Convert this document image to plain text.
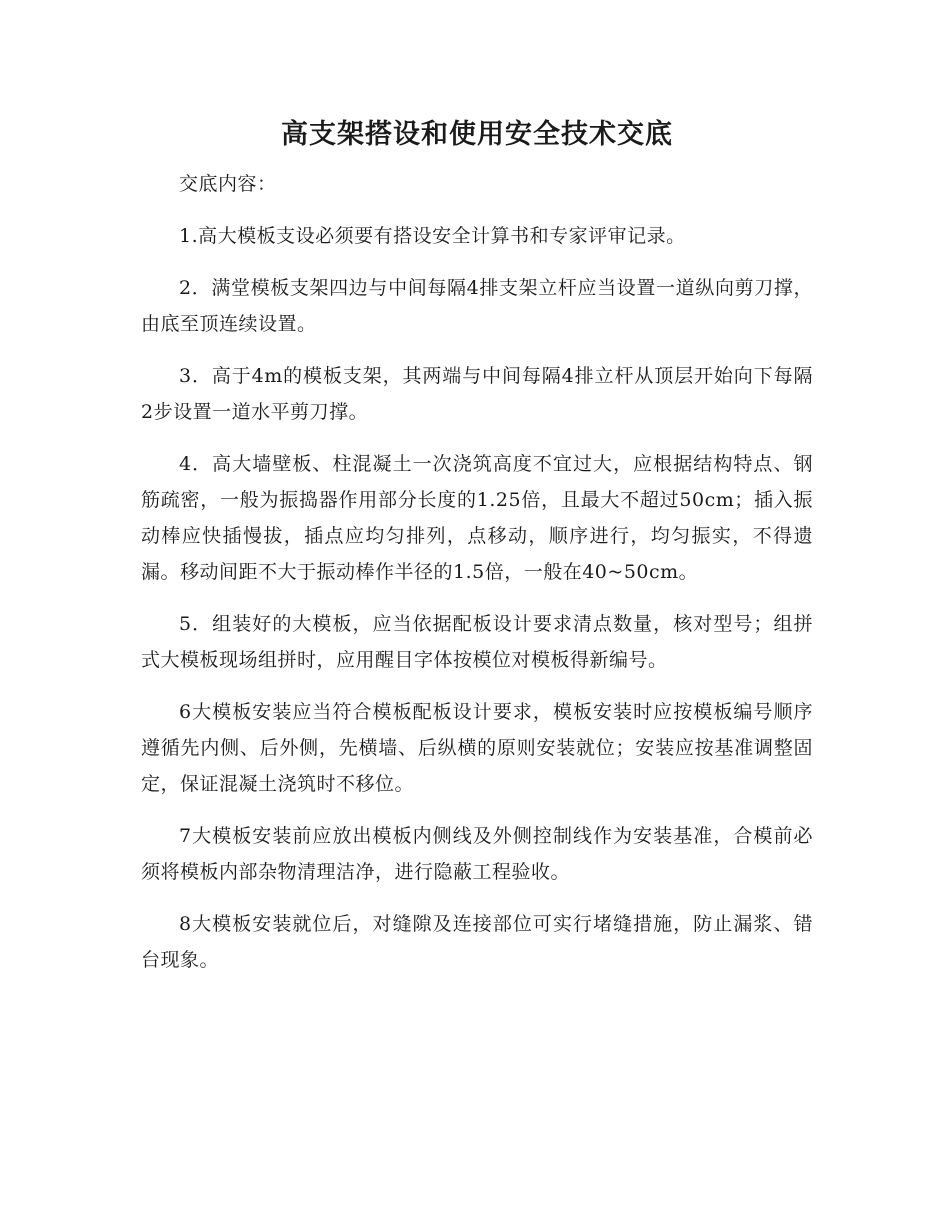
高支架搭设和使用安全技术交底

交底内容：

1.高大模板支设必须要有搭设安全计算书和专家评审记录。

2．满堂模板支架四边与中间每隔4排支架立杆应当设置一道纵向剪刀撑，由底至顶连续设置。

3．高于4m的模板支架，其两端与中间每隔4排立杆从顶层开始向下每隔2步设置一道水平剪刀撑。

4．高大墙壁板、柱混凝土一次浇筑高度不宜过大，应根据结构特点、钢筋疏密，一般为振捣器作用部分长度的1.25倍，且最大不超过50cm；插入振动棒应快插慢拔，插点应均匀排列，点移动，顺序进行，均匀振实，不得遗漏。移动间距不大于振动棒作半径的1.5倍，一般在40~50cm。

5．组装好的大模板，应当依据配板设计要求清点数量，核对型号；组拼式大模板现场组拼时，应用醒目字体按模位对模板得新编号。

6大模板安装应当符合模板配板设计要求，模板安装时应按模板编号顺序遵循先内侧、后外侧，先横墙、后纵横的原则安装就位；安装应按基准调整固定，保证混凝土浇筑时不移位。

7大模板安装前应放出模板内侧线及外侧控制线作为安装基准，合模前必须将模板内部杂物清理洁净，进行隐蔽工程验收。

8大模板安装就位后，对缝隙及连接部位可实行堵缝措施，防止漏浆、错台现象。
